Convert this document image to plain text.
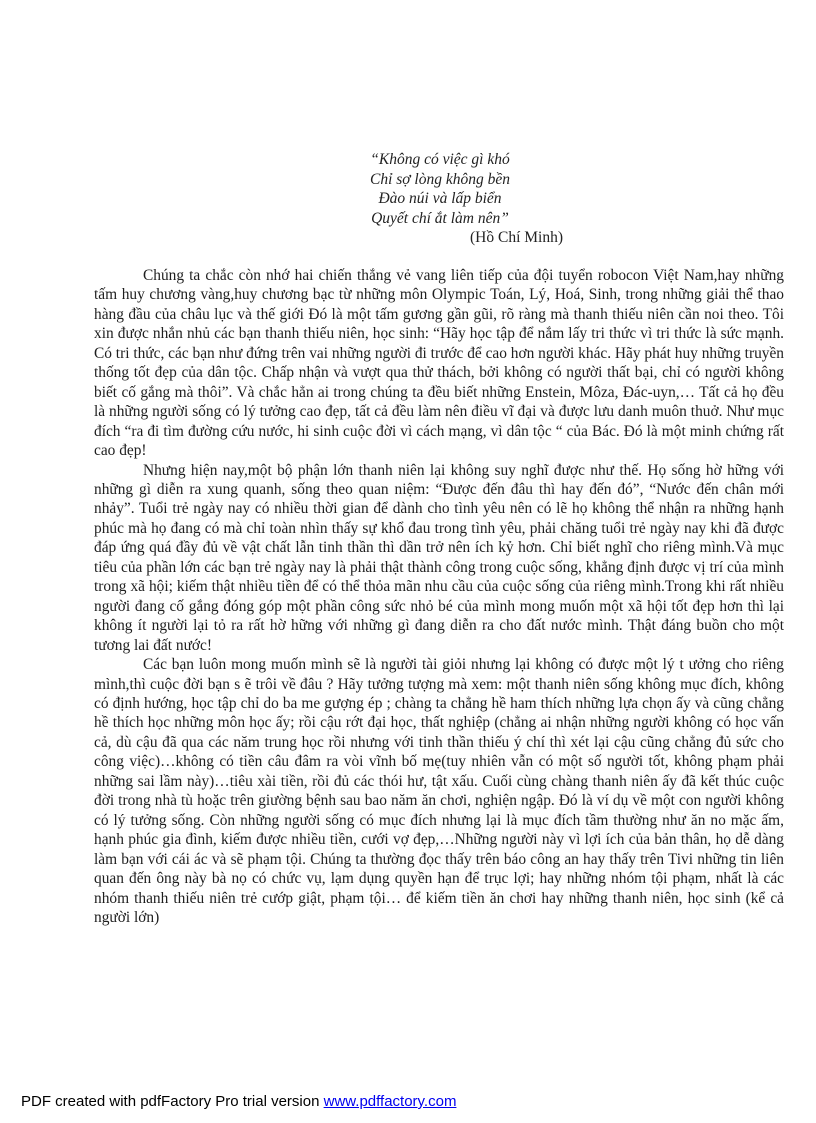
“Không có việc gì khó
Chỉ sợ lòng không bền
Đào núi và lấp biển
Quyết chí ắt làm nên”
(Hồ Chí Minh)

Chúng ta chắc còn nhớ hai chiến thắng vẻ vang liên tiếp của đội tuyển robocon Việt Nam,hay những tấm huy chương vàng,huy chương bạc từ những môn Olympic Toán, Lý, Hoá, Sinh, trong những giải thể thao hàng đầu của châu lục và thế giới Đó là một tấm gương gần gũi, rõ ràng mà thanh thiếu niên cần noi theo. Tôi xin được nhắn nhủ các bạn thanh thiếu niên, học sinh: “Hãy học tập để nắm lấy tri thức vì tri thức là sức mạnh. Có tri thức, các bạn như đứng trên vai những người đi trước để cao hơn người khác. Hãy phát huy những truyền thống tốt đẹp của dân tộc. Chấp nhận và vượt qua thử thách, bởi không có người thất bại, chỉ có người không biết cố gắng mà thôi”. Và chắc hẳn ai trong chúng ta đều biết những Enstein, Môza, Đác-uyn,… Tất cả họ đều là những người sống có lý tưởng cao đẹp, tất cả đều làm nên điều vĩ đại và được lưu danh muôn thuở. Như mục đích “ra đi tìm đường cứu nước, hi sinh cuộc đời vì cách mạng, vì dân tộc “ của Bác. Đó là một minh chứng rất cao đẹp!

Nhưng hiện nay,một bộ phận lớn thanh niên lại không suy nghĩ được như thế. Họ sống hờ hững với những gì diễn ra xung quanh, sống theo quan niệm: “Được đến đâu thì hay đến đó”, “Nước đến chân mới nhảy”. Tuổi trẻ ngày nay có nhiều thời gian để dành cho tình yêu nên có lẽ họ không thể nhận ra những hạnh phúc mà họ đang có mà chỉ toàn nhìn thấy sự khổ đau trong tình yêu, phải chăng tuổi trẻ ngày nay khi đã được đáp ứng quá đầy đủ về vật chất lẫn tinh thần thì dần trở nên ích kỷ hơn. Chỉ biết nghĩ cho riêng mình.Và mục tiêu của phần lớn các bạn trẻ ngày nay là phải thật thành công trong cuộc sống, khẳng định được vị trí của mình trong xã hội; kiếm thật nhiều tiền để có thể thỏa mãn nhu cầu của cuộc sống của riêng mình.Trong khi rất nhiều người đang cố gắng đóng góp một phần công sức nhỏ bé của mình mong muốn một xã hội tốt đẹp hơn thì lại không ít người lại tỏ ra rất hờ hững với những gì đang diễn ra cho đất nước mình. Thật đáng buồn cho một tương lai đất nước!

Các bạn luôn mong muốn mình sẽ là người tài giỏi nhưng lại không có được một lý t ưởng cho riêng mình,thì cuộc đời bạn s ẽ trôi về đâu ? Hãy tưởng tượng mà xem: một thanh niên sống không mục đích, không có định hướng, học tập chỉ do ba me gượng ép ; chàng ta chẳng hề ham thích những lựa chọn ấy và cũng chẳng hề thích học những môn học ấy; rồi cậu rớt đại học, thất nghiệp (chẳng ai nhận những người không có học vấn cả, dù cậu đã qua các năm trung học rồi nhưng với tinh thần thiếu ý chí thì xét lại cậu cũng chẳng đủ sức cho công việc)…không có tiền câu đâm ra vòi vĩnh bố mẹ(tuy nhiên vẫn có một số người tốt, không phạm phải những sai lầm này)…tiêu xài tiền, rồi đủ các thói hư, tật xấu. Cuối cùng chàng thanh niên ấy đã kết thúc cuộc đời trong nhà tù hoặc trên giường bệnh sau bao năm ăn chơi, nghiện ngập. Đó là ví dụ về một con người không có lý tưởng sống. Còn những người sống có mục đích nhưng lại là mục đích tầm thường như ăn no mặc ấm, hạnh phúc gia đình, kiếm được nhiều tiền, cưới vợ đẹp,…Những người này vì lợi ích của bản thân, họ dễ dàng làm bạn với cái ác và sẽ phạm tội. Chúng ta thường đọc thấy trên báo công an hay thấy trên Tivi những tin liên quan đến ông này bà nọ có chức vụ, lạm dụng quyền hạn để trục lợi; hay những nhóm tội phạm, nhất là các nhóm thanh thiếu niên trẻ cướp giật, phạm tội… để kiếm tiền ăn chơi hay những thanh niên, học sinh (kể cả người lớn)

PDF created with pdfFactory Pro trial version www.pdffactory.com
